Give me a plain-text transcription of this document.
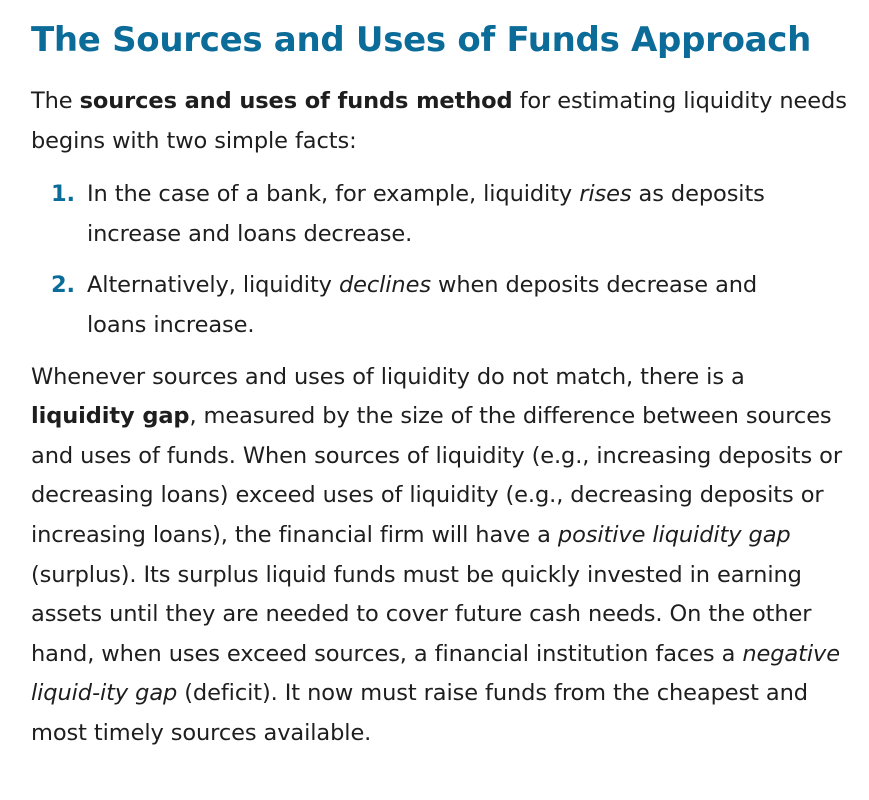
The Sources and Uses of Funds Approach

The sources and uses of funds method for estimating liquidity needs begins with two simple facts:

1. In the case of a bank, for example, liquidity rises as deposits increase and loans decrease.
2. Alternatively, liquidity declines when deposits decrease and loans increase.

Whenever sources and uses of liquidity do not match, there is a liquidity gap, measured by the size of the difference between sources and uses of funds. When sources of liquidity (e.g., increasing deposits or decreasing loans) exceed uses of liquidity (e.g., decreasing deposits or increasing loans), the financial firm will have a positive liquidity gap (surplus). Its surplus liquid funds must be quickly invested in earning assets until they are needed to cover future cash needs. On the other hand, when uses exceed sources, a financial institution faces a negative liquid-ity gap (deficit). It now must raise funds from the cheapest and most timely sources available.
